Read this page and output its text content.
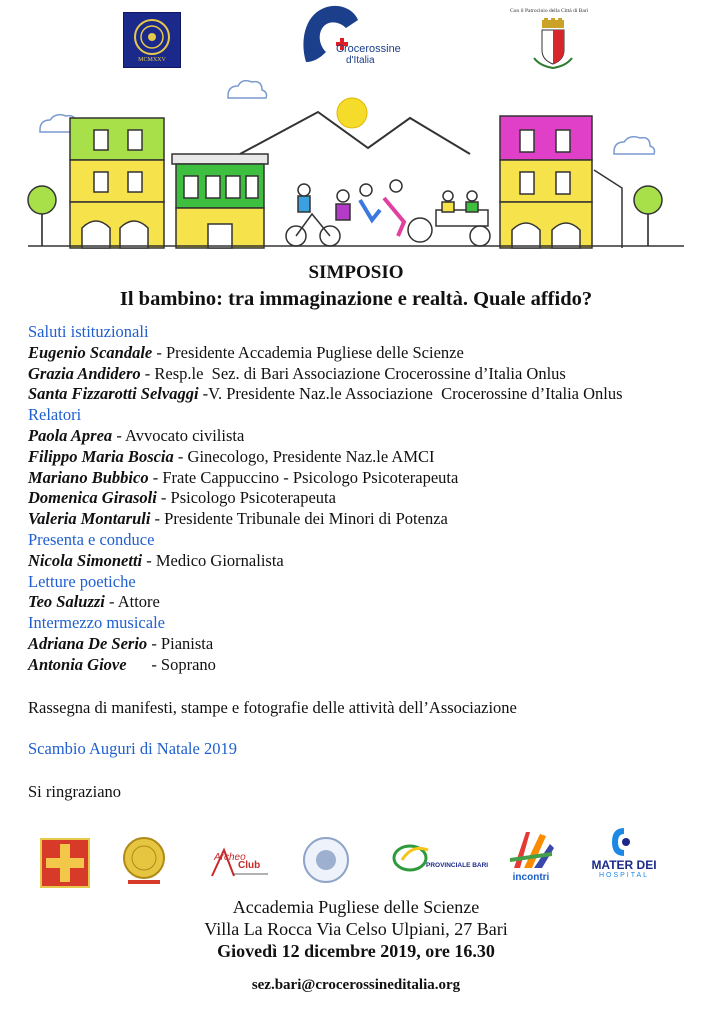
MCMXXV
Crocerossine
d'Italia
Con il Patrocinio della Città di Bari
SIMPOSIO
Il bambino: tra immaginazione e realtà. Quale affido?
Saluti istituzionali
Eugenio Scandale - Presidente Accademia Pugliese delle Scienze
Grazia Andidero - Resp.le  Sez. di Bari Associazione Crocerossine d’Italia Onlus
Santa Fizzarotti Selvaggi -V. Presidente Naz.le Associazione  Crocerossine d’Italia Onlus
Relatori
Paola Aprea - Avvocato civilista
Filippo Maria Boscia - Ginecologo, Presidente Naz.le AMCI
Mariano Bubbico - Frate Cappuccino - Psicologo Psicoterapeuta
Domenica Girasoli - Psicologo Psicoterapeuta
Valeria Montaruli - Presidente Tribunale dei Minori di Potenza
Presenta e conduce
Nicola Simonetti - Medico Giornalista
Letture poetiche
Teo Saluzzi - Attore
Intermezzo musicale
Adriana De Serio - Pianista
Antonia Giove      - Soprano
Rassegna di manifesti, stampe e fotografie delle attività dell’Associazione
Scambio Auguri di Natale 2019
Si ringraziano
Archeo
Club	PROVINCIALE BARI
incontri
MATER DEI
HOSPITAL
Accademia Pugliese delle Scienze
Villa La Rocca Via Celso Ulpiani, 27 Bari
Giovedì 12 dicembre 2019, ore 16.30
sez.bari@crocerossineditalia.org
